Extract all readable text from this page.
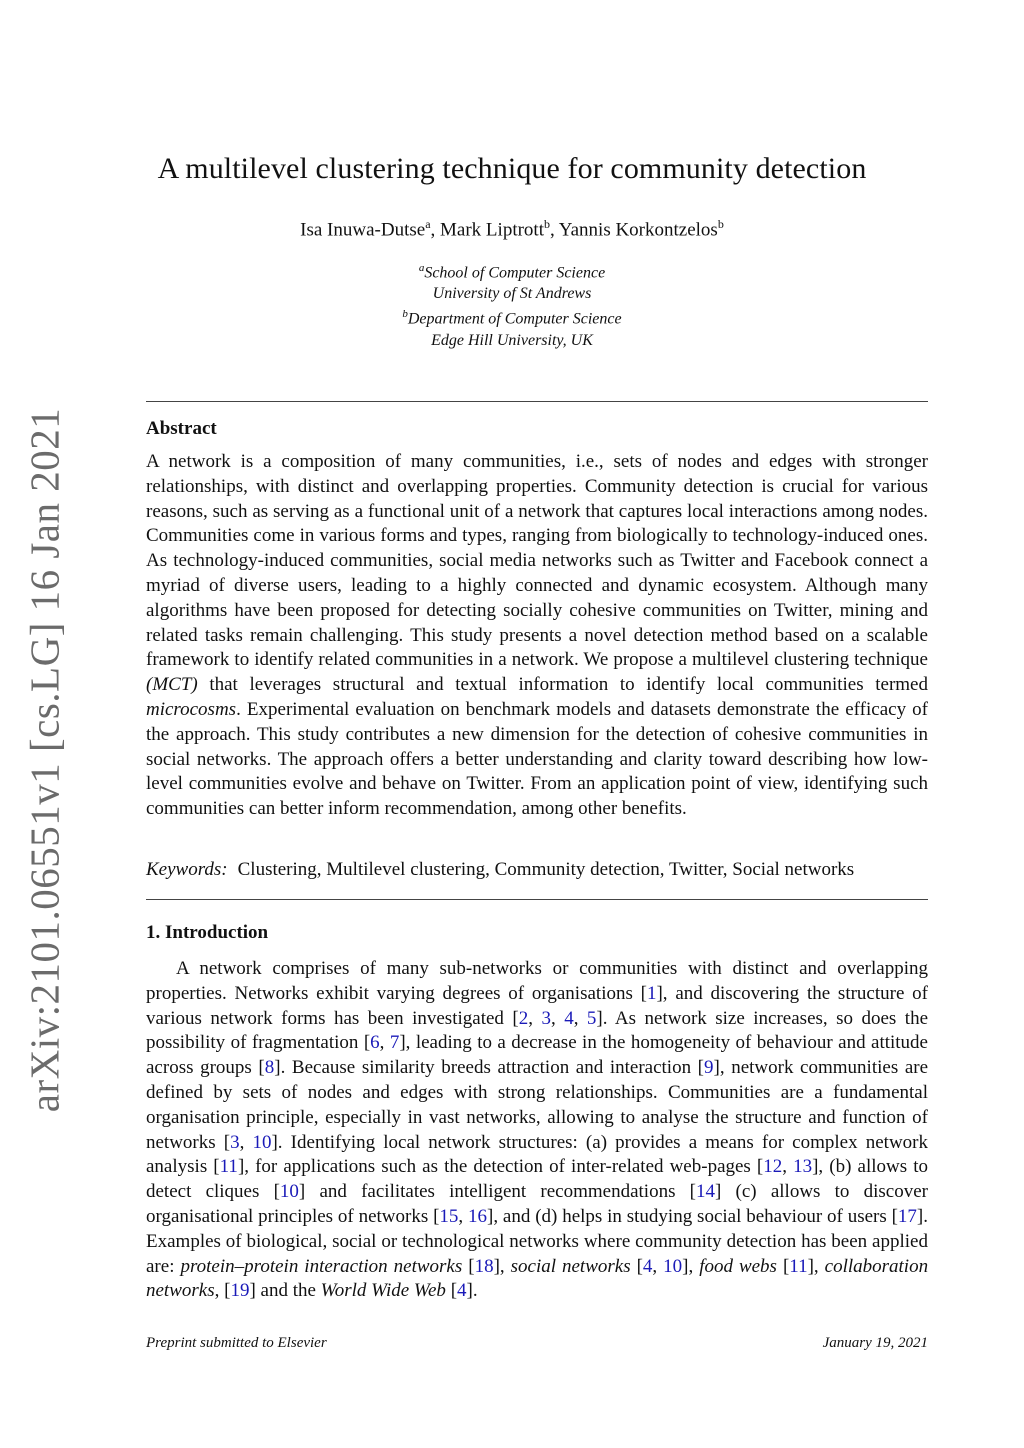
arXiv:2101.06551v1 [cs.LG] 16 Jan 2021
A multilevel clustering technique for community detection
Isa Inuwa-Dutse$^a$, Mark Liptrott$^b$, Yannis Korkontzelos$^b$
$^a$School of Computer Science
University of St Andrews
$^b$Department of Computer Science
Edge Hill University, UK
Abstract
A network is a composition of many communities, i.e., sets of nodes and edges with stronger relationships, with distinct and overlapping properties. Community detection is crucial for various reasons, such as serving as a functional unit of a network that captures local interactions among nodes. Communities come in various forms and types, ranging from biologically to technology-induced ones. As technology-induced communities, social media networks such as Twitter and Facebook connect a myriad of diverse users, leading to a highly connected and dynamic ecosystem. Although many algorithms have been proposed for detecting socially cohesive communities on Twitter, mining and related tasks remain challenging. This study presents a novel detection method based on a scalable framework to identify related communities in a network. We propose a multilevel clustering technique (MCT) that leverages structural and textual information to identify local communities termed microcosms. Experimental evaluation on benchmark models and datasets demonstrate the efficacy of the approach. This study contributes a new dimension for the detection of cohesive communities in social networks. The approach offers a better understanding and clarity toward describing how low-level communities evolve and behave on Twitter. From an application point of view, identifying such communities can better inform recommendation, among other benefits.
Keywords: Clustering, Multilevel clustering, Community detection, Twitter, Social networks
1. Introduction
A network comprises of many sub-networks or communities with distinct and overlapping properties. Networks exhibit varying degrees of organisations [1], and discovering the structure of various network forms has been investigated [2, 3, 4, 5]. As network size increases, so does the possibility of fragmentation [6, 7], leading to a decrease in the homogeneity of behaviour and attitude across groups [8]. Because similarity breeds attraction and interaction [9], network communities are defined by sets of nodes and edges with strong relationships. Communities are a fundamental organisation principle, especially in vast networks, allowing to analyse the structure and function of networks [3, 10]. Identifying local network structures: (a) provides a means for complex network analysis [11], for applications such as the detection of inter-related web-pages [12, 13], (b) allows to detect cliques [10] and facilitates intelligent recommendations [14] (c) allows to discover organisational principles of networks [15, 16], and (d) helps in studying social behaviour of users [17]. Examples of biological, social or technological networks where community detection has been applied are: protein–protein interaction networks [18], social networks [4, 10], food webs [11], collaboration networks, [19] and the World Wide Web [4].
Preprint submitted to Elsevier	January 19, 2021
